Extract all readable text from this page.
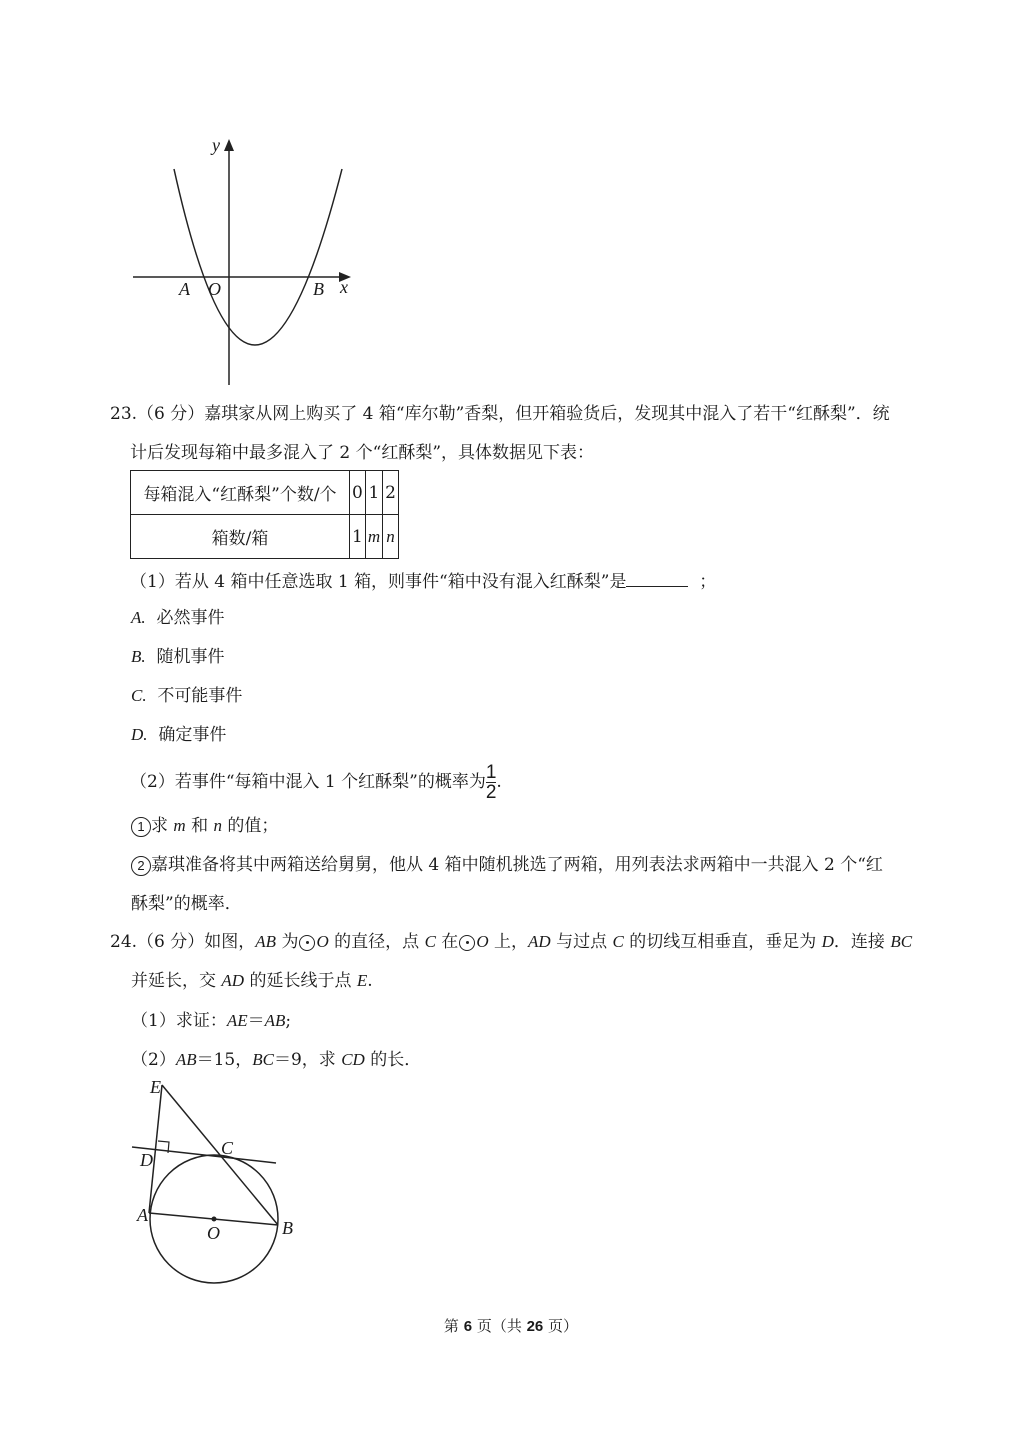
y
x
A O	B
23.（6 分）嘉琪家从网上购买了 4 箱“库尔勒”香梨，但开箱验货后，发现其中混入了若干“红酥梨”．统
计后发现每箱中最多混入了 2 个“红酥梨”，具体数据见下表：
每箱混入“红酥梨”个数/个	0	1	2
箱数/箱	1	m	n
（1）若从 4 箱中任意选取 1 箱，则事件“箱中没有混入红酥梨”是	；
A. 必然事件
B. 随机事件
C. 不可能事件
D. 确定事件
（2）若事件“每箱中混入 1 个红酥梨”的概率为 $\frac{1}{2}$ .
1 求 m 和 n 的值；
2 嘉琪准备将其中两箱送给舅舅，他从 4 箱中随机挑选了两箱，用列表法求两箱中一共混入 2 个“红
酥梨”的概率．
24.（6 分）如图，AB 为 O 的直径，点 C 在 O 上，AD 与过点 C 的切线互相垂直，垂足为 D．连接 BC
并延长，交 AD 的延长线于点 E.
（1）求证：AE＝AB;
（2）AB＝15，BC＝9，求 CD 的长．
E
C
D
A
O	B
第 6 页（共 26 页）
